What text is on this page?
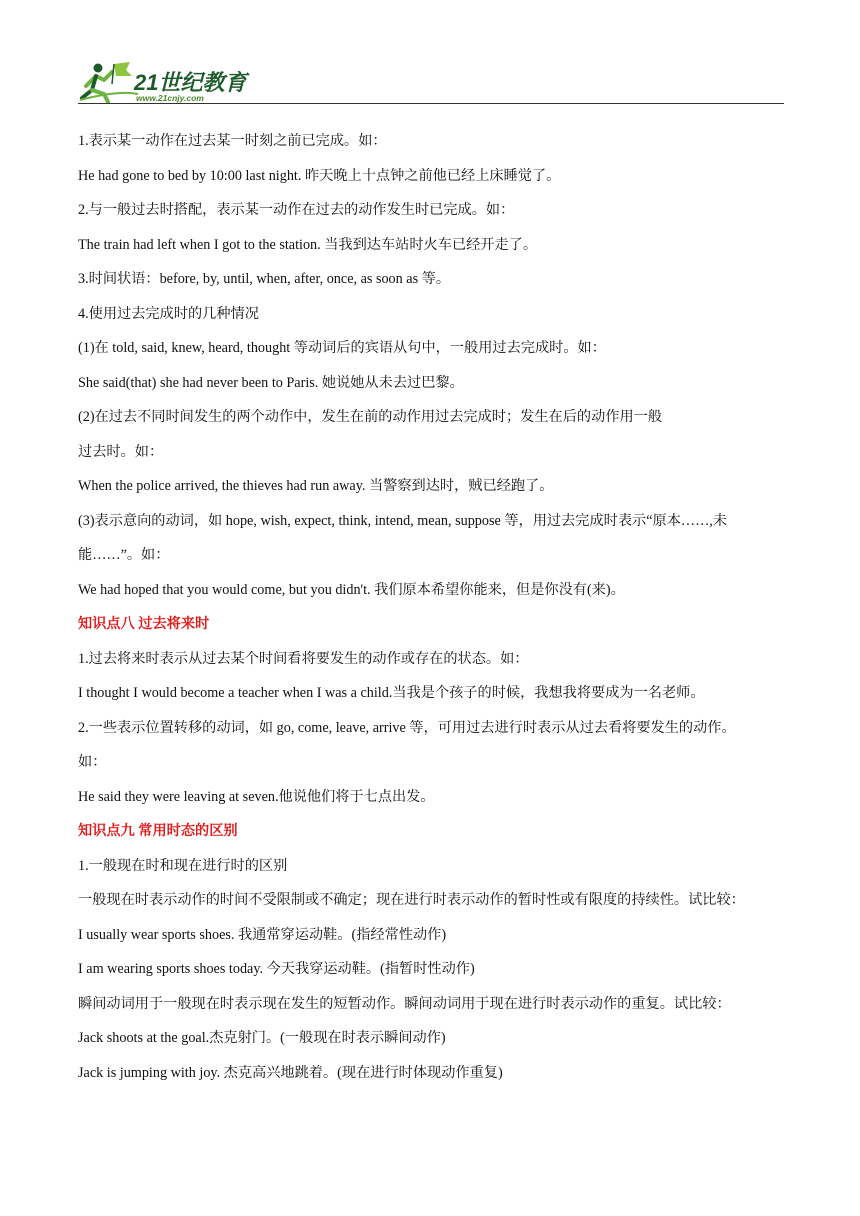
21世纪教育
www.21cnjy.com

1.表示某一动作在过去某一时刻之前已完成。如：

He had gone to bed by 10:00 last night. 昨天晚上十点钟之前他已经上床睡觉了。

2.与一般过去时搭配，表示某一动作在过去的动作发生时已完成。如：

The train had left when I got to the station. 当我到达车站时火车已经开走了。

3.时间状语：before, by, until, when, after, once, as soon as 等。

4.使用过去完成时的几种情况

(1)在 told, said, knew, heard, thought 等动词后的宾语从句中，一般用过去完成时。如：

She said(that) she had never been to Paris. 她说她从未去过巴黎。

(2)在过去不同时间发生的两个动作中，发生在前的动作用过去完成时；发生在后的动作用一般

过去时。如：

When the police arrived, the thieves had run away. 当警察到达时，贼已经跑了。

(3)表示意向的动词，如 hope, wish, expect, think, intend, mean, suppose 等，用过去完成时表示“原本……,未

能……”。如：

We had hoped that you would come, but you didn't. 我们原本希望你能来，但是你没有(来)。

知识点八 过去将来时

1.过去将来时表示从过去某个时间看将要发生的动作或存在的状态。如：

I thought I would become a teacher when I was a child.当我是个孩子的时候，我想我将要成为一名老师。

2.一些表示位置转移的动词，如 go, come, leave, arrive 等，可用过去进行时表示从过去看将要发生的动作。

如：

He said they were leaving at seven.他说他们将于七点出发。

知识点九 常用时态的区别

1.一般现在时和现在进行时的区别

一般现在时表示动作的时间不受限制或不确定；现在进行时表示动作的暂时性或有限度的持续性。试比较：

I usually wear sports shoes. 我通常穿运动鞋。(指经常性动作)

I am wearing sports shoes today. 今天我穿运动鞋。(指暂时性动作)

瞬间动词用于一般现在时表示现在发生的短暂动作。瞬间动词用于现在进行时表示动作的重复。试比较：

Jack shoots at the goal.杰克射门。(一般现在时表示瞬间动作)

Jack is jumping with joy. 杰克高兴地跳着。(现在进行时体现动作重复)
